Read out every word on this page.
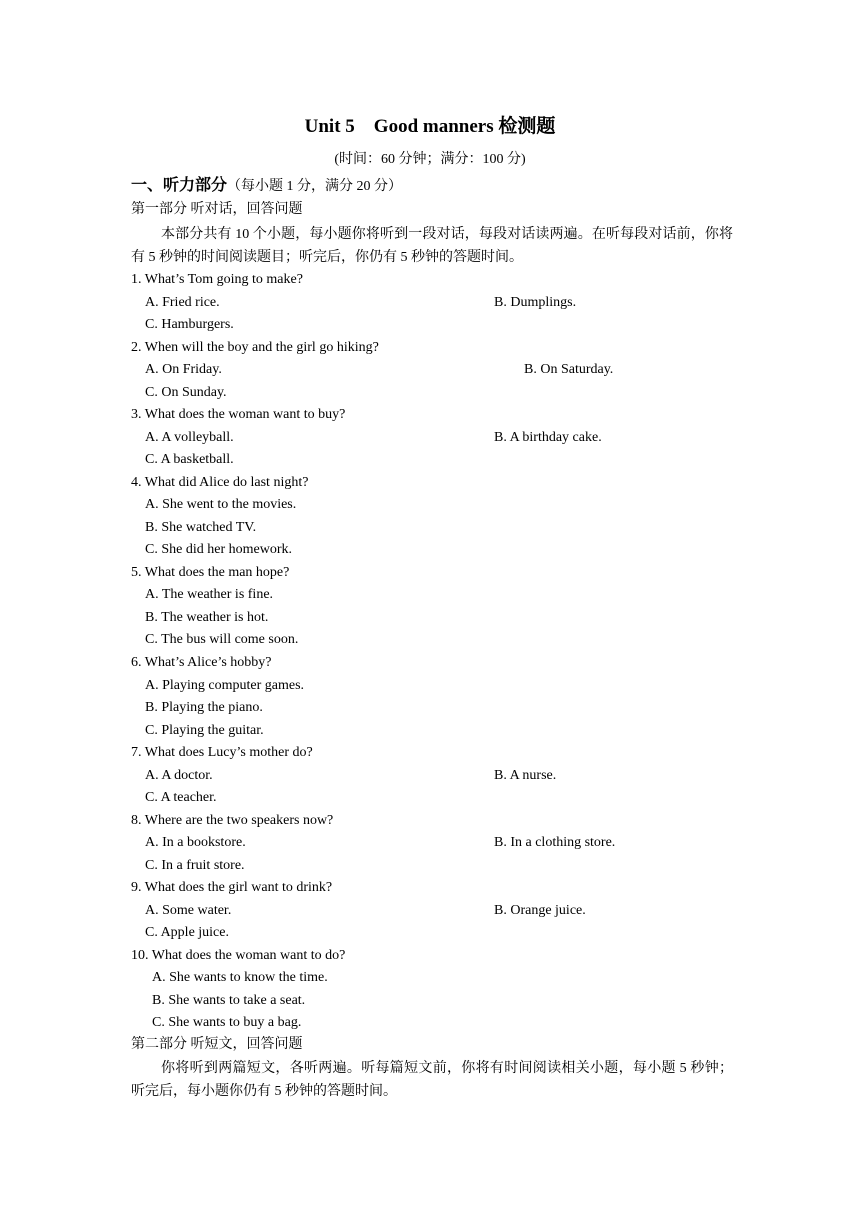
Unit 5　Good manners 检测题
(时间：60 分钟；满分：100 分)
一、听力部分（每小题 1 分，满分 20 分）
第一部分 听对话，回答问题
本部分共有 10 个小题，每小题你将听到一段对话，每段对话读两遍。在听每段对话前，你将有 5 秒钟的时间阅读题目；听完后，你仍有 5 秒钟的答题时间。
1. What’s Tom going to make?
A. Fried rice.	B. Dumplings.
C. Hamburgers.
2. When will the boy and the girl go hiking?
A. On Friday.	B. On Saturday.
C. On Sunday.
3. What does the woman want to buy?
A. A volleyball.	B. A birthday cake.
C. A basketball.
4. What did Alice do last night?
A. She went to the movies.
B. She watched TV.
C. She did her homework.
5. What does the man hope?
A. The weather is fine.
B. The weather is hot.
C. The bus will come soon.
6. What’s Alice’s hobby?
A. Playing computer games.
B. Playing the piano.
C. Playing the guitar.
7. What does Lucy’s mother do?
A. A doctor.	B. A nurse.
C. A teacher.
8. Where are the two speakers now?
A. In a bookstore.	B. In a clothing store.
C. In a fruit store.
9. What does the girl want to drink?
A. Some water.	B. Orange juice.
C. Apple juice.
10. What does the woman want to do?
A. She wants to know the time.
B. She wants to take a seat.
C. She wants to buy a bag.
第二部分 听短文，回答问题
你将听到两篇短文，各听两遍。听每篇短文前，你将有时间阅读相关小题，每小题 5 秒钟；听完后，每小题你仍有 5 秒钟的答题时间。
